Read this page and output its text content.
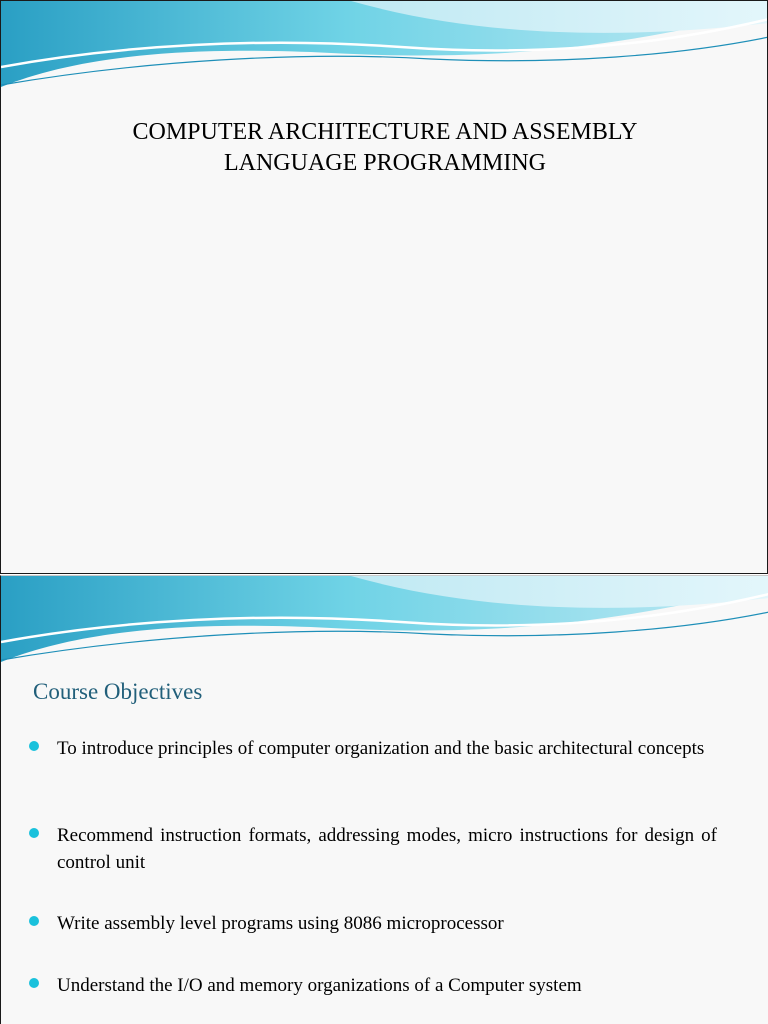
COMPUTER ARCHITECTURE AND ASSEMBLY
LANGUAGE PROGRAMMING
Course Objectives
To introduce principles of computer organization and the basic architectural concepts
Recommend instruction formats, addressing modes, micro instructions for design of control unit
Write assembly level programs using 8086 microprocessor
Understand the I/O and memory organizations of a Computer system
